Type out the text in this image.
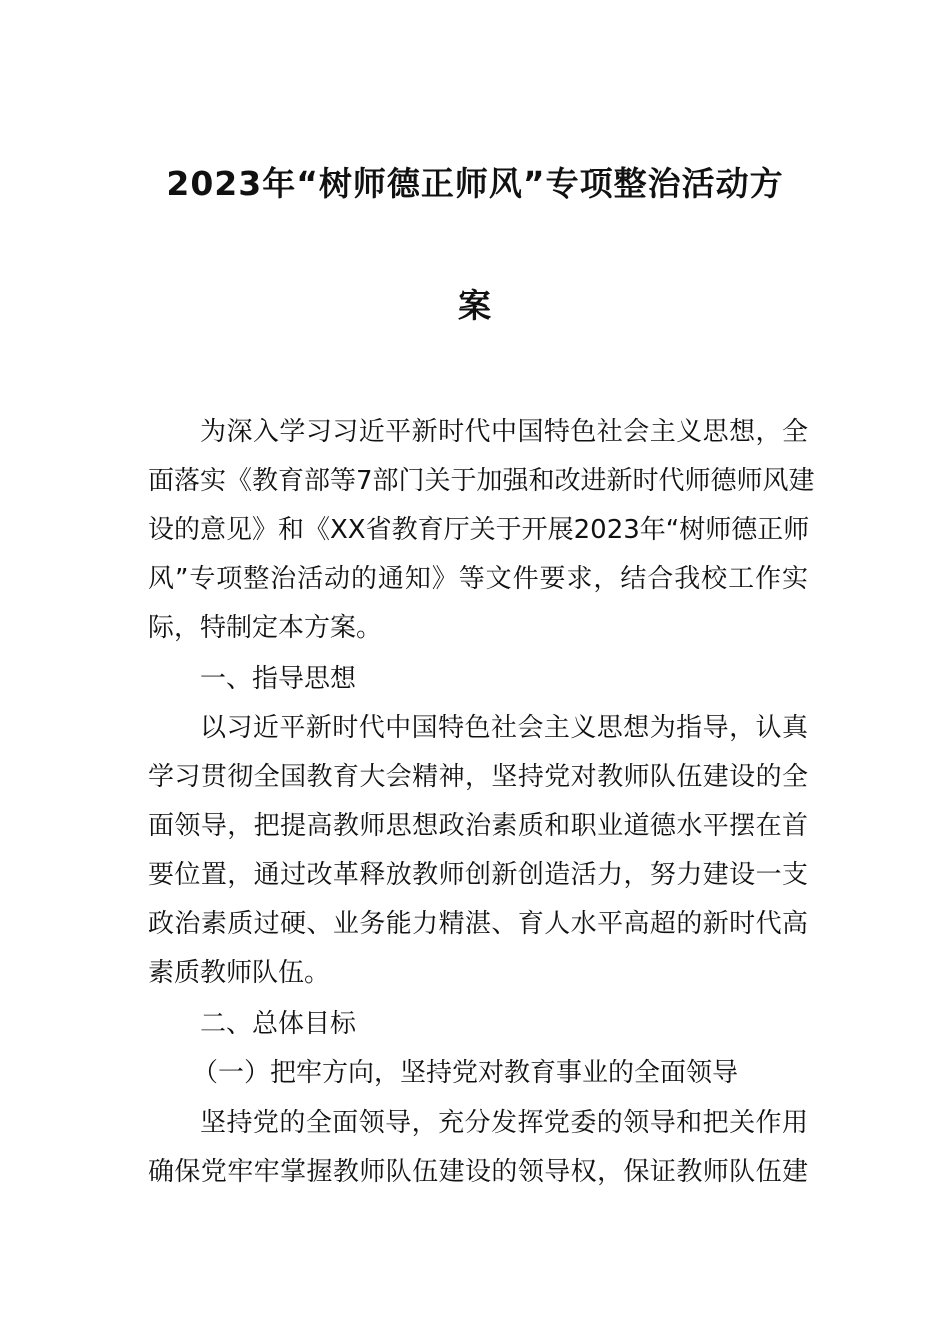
2023年“树师德正师风”专项整治活动方
案
为深入学习习近平新时代中国特色社会主义思想，全
面落实《教育部等7部门关于加强和改进新时代师德师风建
设的意见》和《XX省教育厅关于开展2023年“树师德正师
风”专项整治活动的通知》等文件要求，结合我校工作实
际，特制定本方案。
一、指导思想
以习近平新时代中国特色社会主义思想为指导，认真
学习贯彻全国教育大会精神，坚持党对教师队伍建设的全
面领导，把提高教师思想政治素质和职业道德水平摆在首
要位置，通过改革释放教师创新创造活力，努力建设一支
政治素质过硬、业务能力精湛、育人水平高超的新时代高
素质教师队伍。
二、总体目标
（一）把牢方向，坚持党对教育事业的全面领导
坚持党的全面领导，充分发挥党委的领导和把关作用
确保党牢牢掌握教师队伍建设的领导权，保证教师队伍建
